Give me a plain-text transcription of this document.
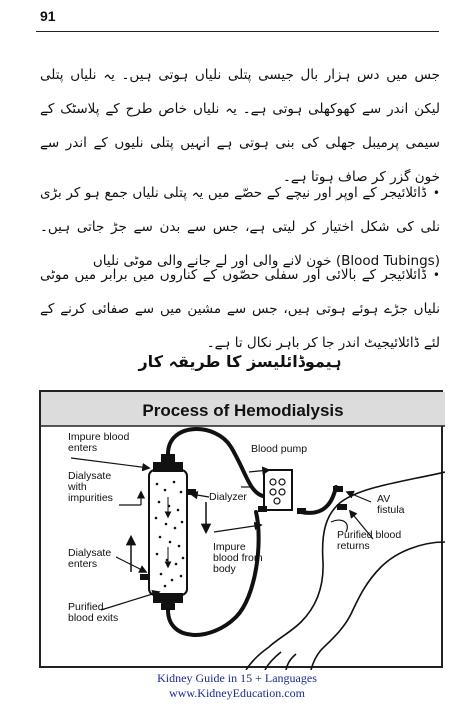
91
جس میں دس ہزار بال جیسی پتلی نلیاں ہوتی ہیں۔ یہ نلیاں پتلی لیکن اندر سے کھوکھلی ہوتی ہے۔ یہ نلیاں خاص طرح کے پلاسٹک کے سیمی پرمیبل جھلی کی بنی ہوتی ہے انہیں پتلی نلیوں کے اندر سے خون گزر کر صاف ہوتا ہے۔
•ڈائلائیجر کے اوپر اور نیچے کے حصّے میں یہ پتلی نلیاں جمع ہو کر بڑی نلی کی شکل اختیار کر لیتی ہے، جس سے بدن سے جڑ جاتی ہیں۔ (Blood Tubings) خون لانے والی اور لے جانے والی موٹی نلیاں
•ڈائلائیجر کے بالائی اور سفلی حصّوں کے کناروں میں برابر میں موٹی نلیاں جڑے ہوئے ہوتی ہیں، جس سے مشین میں سے صفائی کرنے کے لئے ڈائلائیجیٹ اندر جا کر باہر نکال تا ہے۔
ہیموڈائلیسز کا طریقہ کار
Process of Hemodialysis
Impure blood
enters
Dialysate
with
impurities
Dialysate
enters
Purified
blood exits
Blood pump
Dialyzer
Impure
blood from
body
AV
fistula
Purified blood
returns
Kidney Guide in 15 + Languages
www.KidneyEducation.com
